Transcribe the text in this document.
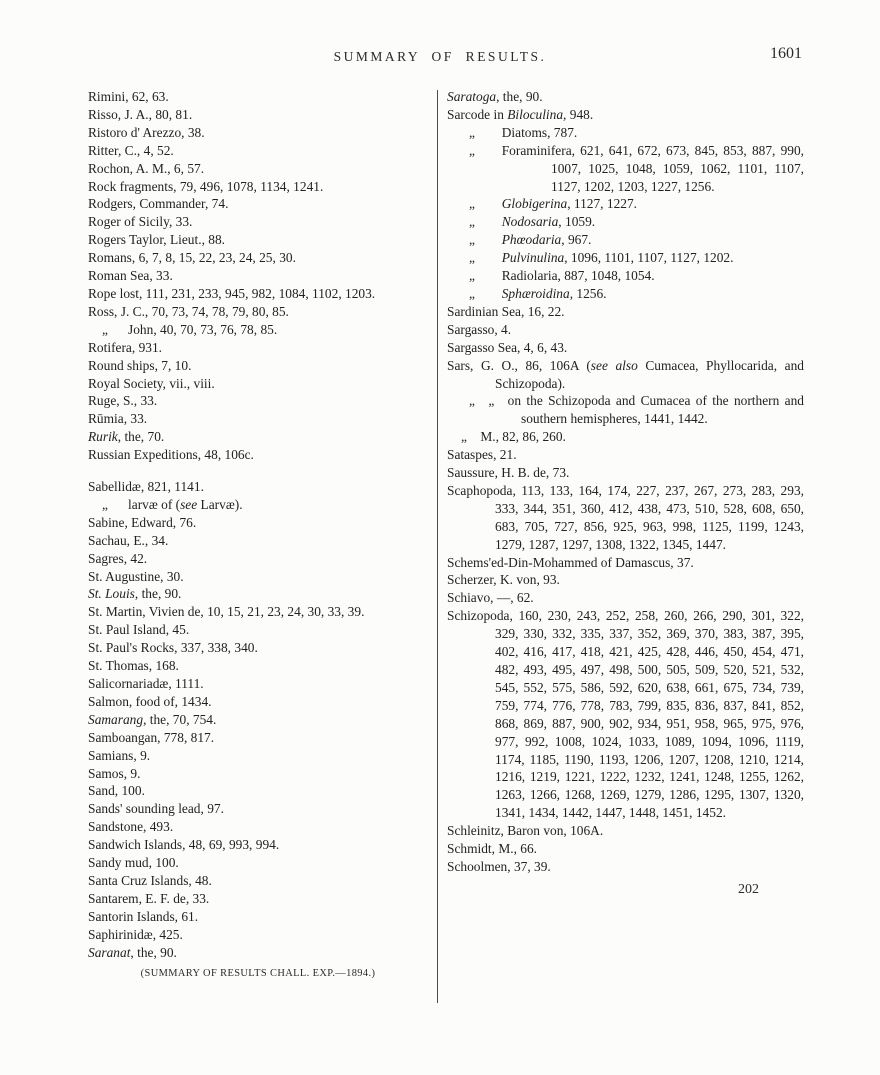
SUMMARY OF RESULTS.	1601
Rimini, 62, 63.
Risso, J. A., 80, 81.
Ristoro d' Arezzo, 38.
Ritter, C., 4, 52.
Rochon, A. M., 6, 57.
Rock fragments, 79, 496, 1078, 1134, 1241.
Rodgers, Commander, 74.
Roger of Sicily, 33.
Rogers Taylor, Lieut., 88.
Romans, 6, 7, 8, 15, 22, 23, 24, 25, 30.
Roman Sea, 33.
Rope lost, 111, 231, 233, 945, 982, 1084, 1102, 1203.
Ross, J. C., 70, 73, 74, 78, 79, 80, 85.
„  John, 40, 70, 73, 76, 78, 85.
Rotifera, 931.
Round ships, 7, 10.
Royal Society, vii., viii.
Ruge, S., 33.
Rūmia, 33.
Rurik, the, 70.
Russian Expeditions, 48, 106c.
Sabellidæ, 821, 1141.
„  larvæ of (see Larvæ).
Sabine, Edward, 76.
Sachau, E., 34.
Sagres, 42.
St. Augustine, 30.
St. Louis, the, 90.
St. Martin, Vivien de, 10, 15, 21, 23, 24, 30, 33, 39.
St. Paul Island, 45.
St. Paul's Rocks, 337, 338, 340.
St. Thomas, 168.
Salicornariadæ, 1111.
Salmon, food of, 1434.
Samarang, the, 70, 754.
Samboangan, 778, 817.
Samians, 9.
Samos, 9.
Sand, 100.
Sands' sounding lead, 97.
Sandstone, 493.
Sandwich Islands, 48, 69, 993, 994.
Sandy mud, 100.
Santa Cruz Islands, 48.
Santarem, E. F. de, 33.
Santorin Islands, 61.
Saphirinidæ, 425.
Saranat, the, 90.
(SUMMARY OF RESULTS CHALL. EXP.—1894.)
Saratoga, the, 90.
Sarcode in Biloculina, 948.
„  Diatoms, 787.
„  Foraminifera, 621, 641, 672, 673, 845, 853, 887, 990, 1007, 1025, 1048, 1059, 1062, 1101, 1107, 1127, 1202, 1203, 1227, 1256.
„  Globigerina, 1127, 1227.
„  Nodosaria, 1059.
„  Phœodaria, 967.
„  Pulvinulina, 1096, 1101, 1107, 1127, 1202.
„  Radiolaria, 887, 1048, 1054.
„  Sphæroidina, 1256.
Sardinian Sea, 16, 22.
Sargasso, 4.
Sargasso Sea, 4, 6, 43.
Sars, G. O., 86, 106A (see also Cumacea, Phyllocarida, and Schizopoda).
„ „ on the Schizopoda and Cumacea of the northern and southern hemispheres, 1441, 1442.
„ M., 82, 86, 260.
Sataspes, 21.
Saussure, H. B. de, 73.
Scaphopoda, 113, 133, 164, 174, 227, 237, 267, 273, 283, 293, 333, 344, 351, 360, 412, 438, 473, 510, 528, 608, 650, 683, 705, 727, 856, 925, 963, 998, 1125, 1199, 1243, 1279, 1287, 1297, 1308, 1322, 1345, 1447.
Schems'ed-Din-Mohammed of Damascus, 37.
Scherzer, K. von, 93.
Schiavo, —, 62.
Schizopoda, 160, 230, 243, 252, 258, 260, 266, 290, 301, 322, 329, 330, 332, 335, 337, 352, 369, 370, 383, 387, 395, 402, 416, 417, 418, 421, 425, 428, 446, 450, 454, 471, 482, 493, 495, 497, 498, 500, 505, 509, 520, 521, 532, 545, 552, 575, 586, 592, 620, 638, 661, 675, 734, 739, 759, 774, 776, 778, 783, 799, 835, 836, 837, 841, 852, 868, 869, 887, 900, 902, 934, 951, 958, 965, 975, 976, 977, 992, 1008, 1024, 1033, 1089, 1094, 1096, 1119, 1174, 1185, 1190, 1193, 1206, 1207, 1208, 1210, 1214, 1216, 1219, 1221, 1222, 1232, 1241, 1248, 1255, 1262, 1263, 1266, 1268, 1269, 1279, 1286, 1295, 1307, 1320, 1341, 1434, 1442, 1447, 1448, 1451, 1452.
Schleinitz, Baron von, 106A.
Schmidt, M., 66.
Schoolmen, 37, 39.
202
